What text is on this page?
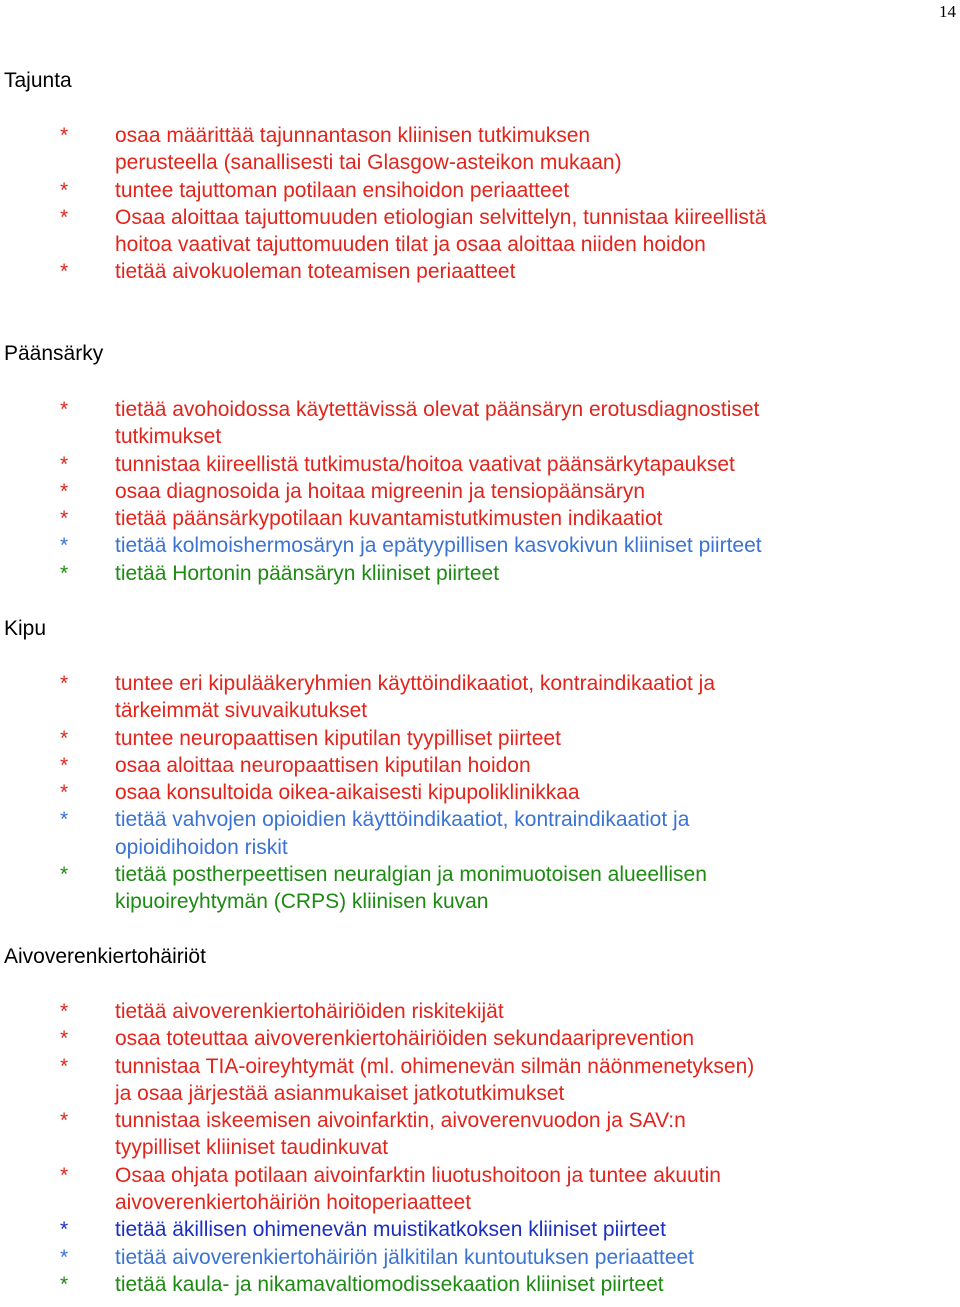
14
Tajunta
* osaa määrittää tajunnantason kliinisen tutkimuksen
perusteella (sanallisesti tai Glasgow-asteikon mukaan)
* tuntee tajuttoman potilaan ensihoidon periaatteet
* Osaa aloittaa tajuttomuuden etiologian selvittelyn, tunnistaa kiireellistä
hoitoa vaativat tajuttomuuden tilat ja osaa aloittaa niiden hoidon
* tietää aivokuoleman toteamisen periaatteet
Päänsärky
* tietää avohoidossa käytettävissä olevat päänsäryn erotusdiagnostiset
tutkimukset
* tunnistaa kiireellistä tutkimusta/hoitoa vaativat päänsärkytapaukset
* osaa diagnosoida ja hoitaa migreenin ja tensiopäänsäryn
* tietää päänsärkypotilaan kuvantamistutkimusten indikaatiot
* tietää kolmoishermosäryn ja epätyypillisen kasvokivun kliiniset piirteet
* tietää Hortonin päänsäryn kliiniset piirteet
Kipu
* tuntee eri kipulääkeryhmien käyttöindikaatiot, kontraindikaatiot ja
tärkeimmät sivuvaikutukset
* tuntee neuropaattisen kiputilan tyypilliset piirteet
* osaa aloittaa neuropaattisen kiputilan hoidon
* osaa konsultoida oikea-aikaisesti kipupoliklinikkaa
* tietää vahvojen opioidien käyttöindikaatiot, kontraindikaatiot ja
opioidihoidon riskit
* tietää postherpeettisen neuralgian ja monimuotoisen alueellisen
kipuoireyhtymän (CRPS) kliinisen kuvan
Aivoverenkiertohäiriöt
* tietää aivoverenkiertohäiriöiden riskitekijät
* osaa toteuttaa aivoverenkiertohäiriöiden sekundaariprevention
* tunnistaa TIA-oireyhtymät (ml. ohimenevän silmän näönmenetyksen)
ja osaa järjestää asianmukaiset jatkotutkimukset
* tunnistaa iskeemisen aivoinfarktin, aivoverenvuodon ja SAV:n
tyypilliset kliiniset taudinkuvat
* Osaa ohjata potilaan aivoinfarktin liuotushoitoon ja tuntee akuutin
aivoverenkiertohäiriön hoitoperiaatteet
* tietää äkillisen ohimenevän muistikatkoksen kliiniset piirteet
* tietää aivoverenkiertohäiriön jälkitilan kuntoutuksen periaatteet
* tietää kaula- ja nikamavaltiomodissekaation kliiniset piirteet
